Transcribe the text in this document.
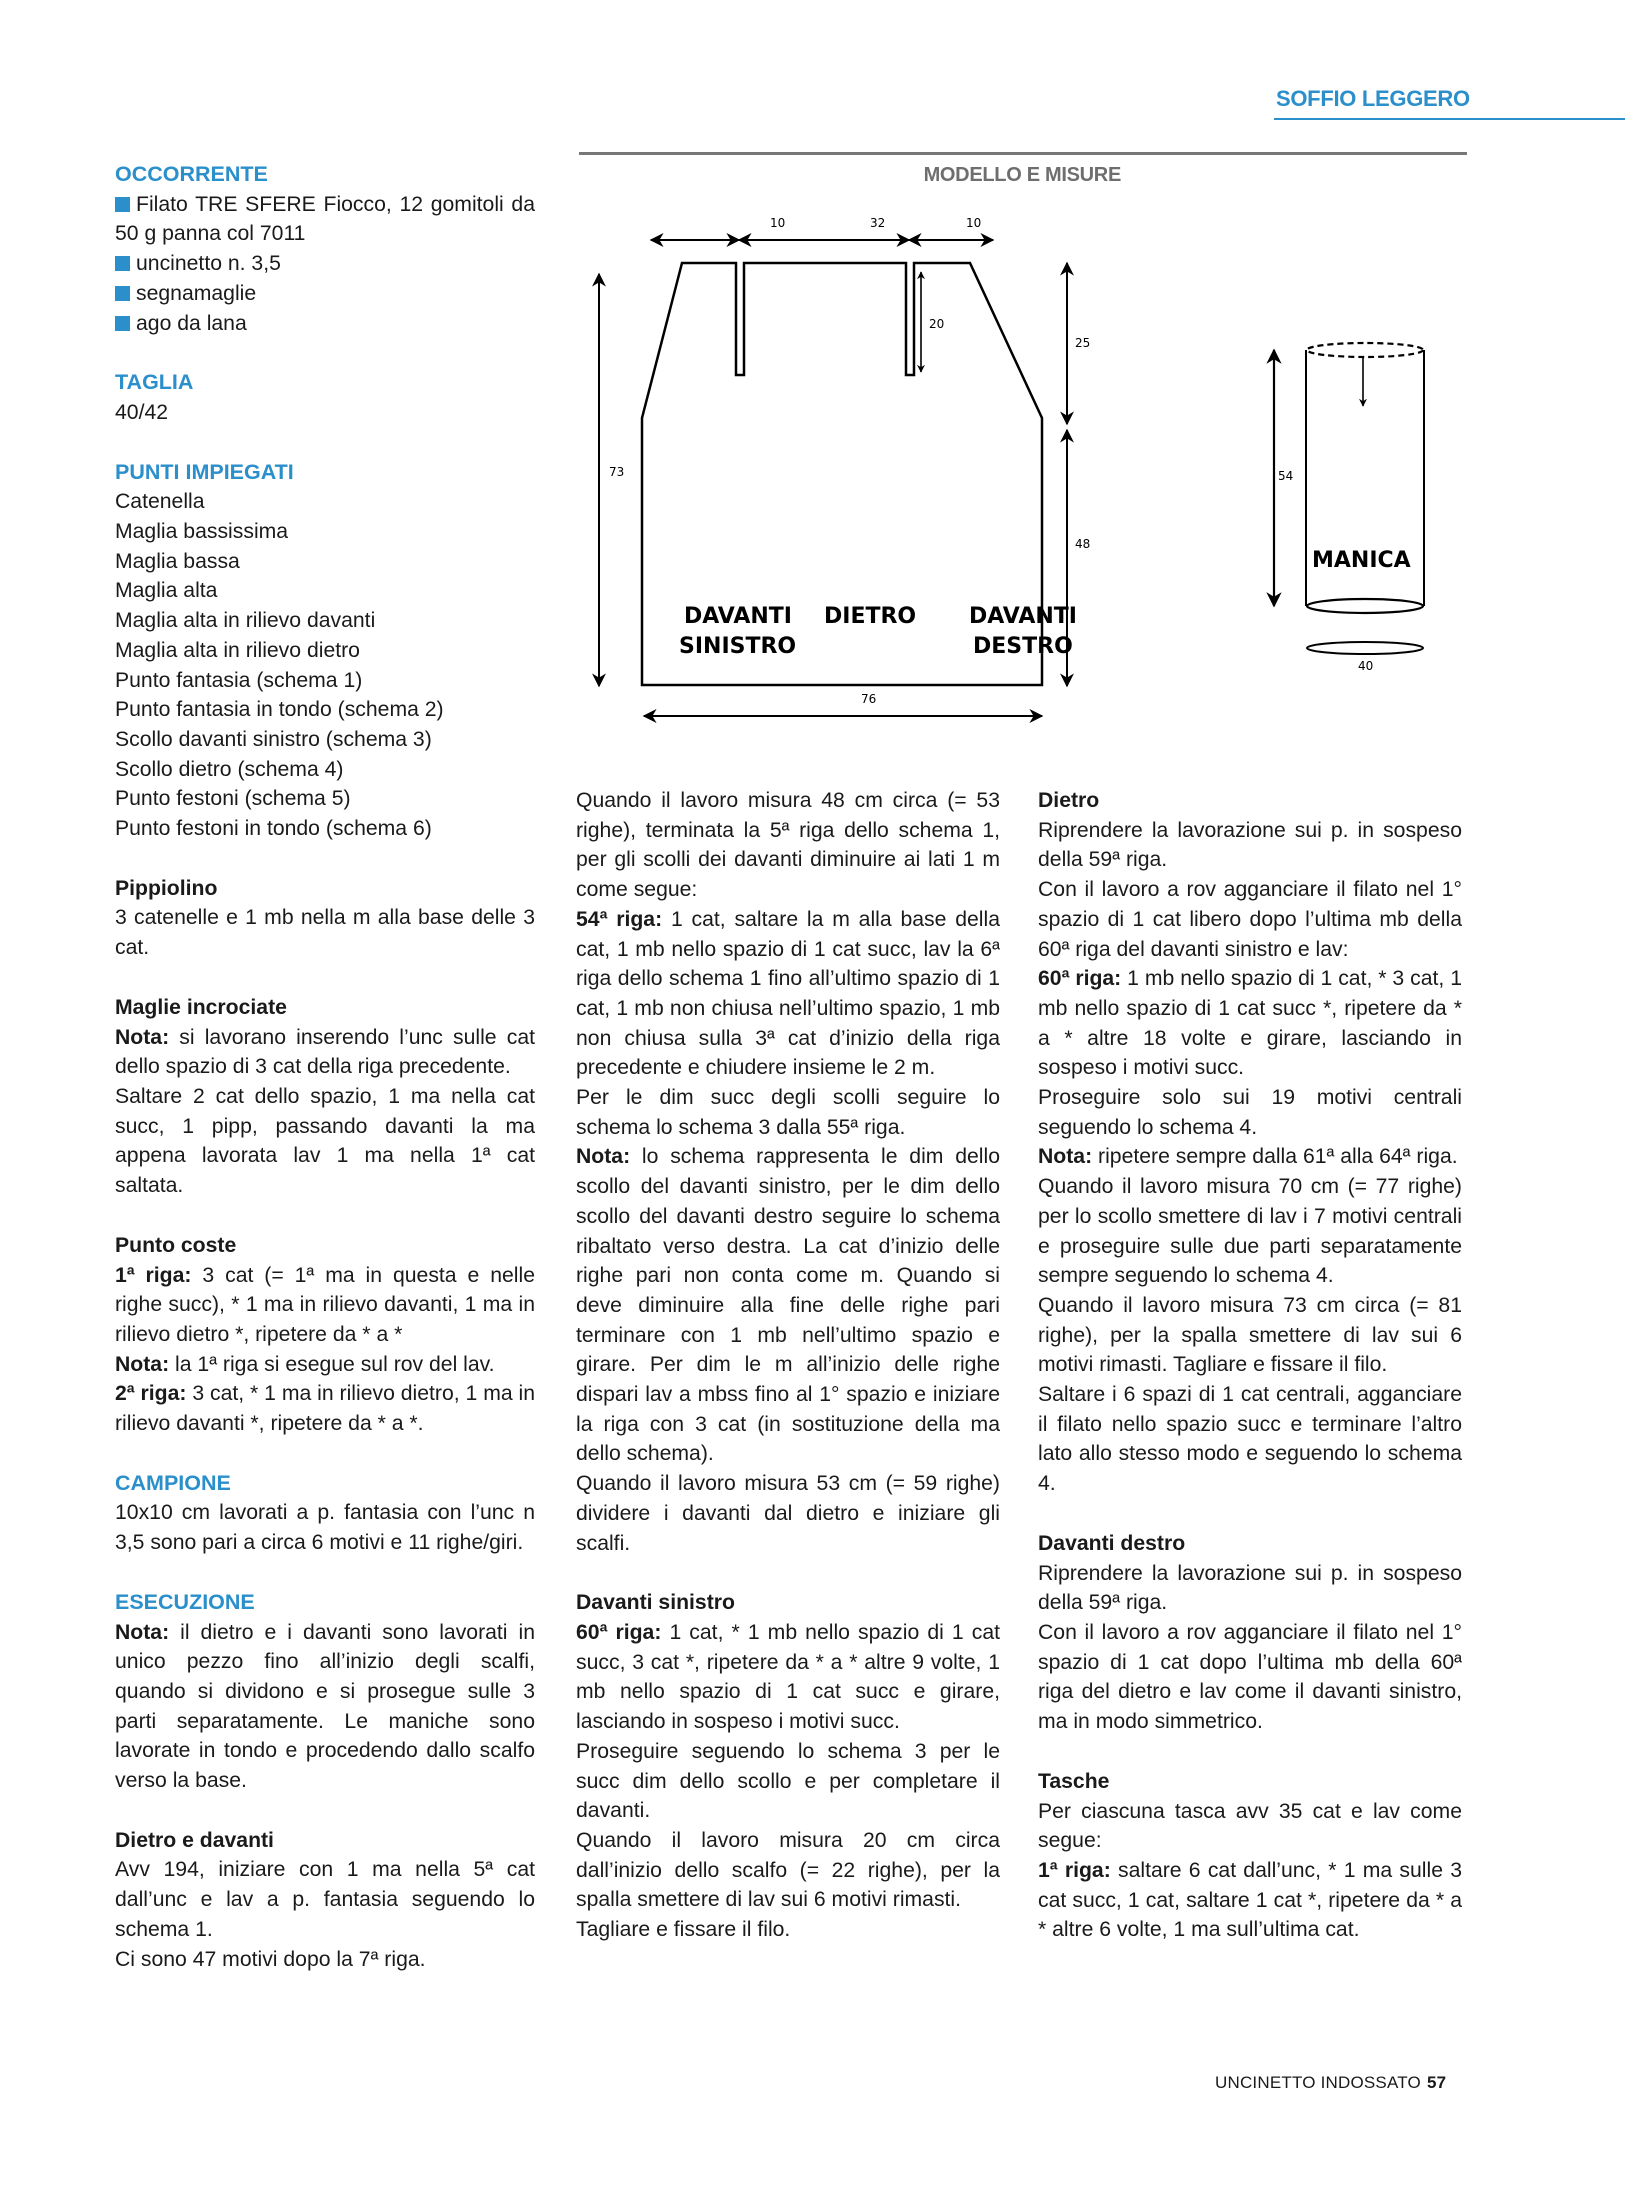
SOFFIO LEGGERO
MODELLO E MISURE
10	32	10
20
73
25
48
76
54
40
DAVANTI
SINISTRO
DIETRO DAVANTI
DESTRO
MANICA
OCCORRENTE

Filato TRE SFERE Fiocco, 12 gomitoli da 50 g panna col 7011

uncinetto n. 3,5

segnamaglie

ago da lana

TAGLIA

40/42

PUNTI IMPIEGATI

Catenella

Maglia bassissima

Maglia bassa

Maglia alta

Maglia alta in rilievo davanti

Maglia alta in rilievo dietro

Punto fantasia (schema 1)

Punto fantasia in tondo (schema 2)

Scollo davanti sinistro (schema 3)

Scollo dietro (schema 4)

Punto festoni (schema 5)

Punto festoni in tondo (schema 6)

Pippiolino

3 catenelle e 1 mb nella m alla base delle 3 cat.

Maglie incrociate

Nota: si lavorano inserendo l’unc sulle cat dello spazio di 3 cat della riga precedente.

Saltare 2 cat dello spazio, 1 ma nella cat succ, 1 pipp, passando davanti la ma appena lavorata lav 1 ma nella 1ª cat saltata.

Punto coste

1ª riga: 3 cat (= 1ª ma in questa e nelle righe succ), * 1 ma in rilievo davanti, 1 ma in rilievo dietro *, ripetere da * a *

Nota: la 1ª riga si esegue sul rov del lav.

2ª riga: 3 cat, * 1 ma in rilievo dietro, 1 ma in rilievo davanti *, ripetere da * a *.

CAMPIONE

10x10 cm lavorati a p. fantasia con l’unc n 3,5 sono pari a circa 6 motivi e 11 righe/giri.

ESECUZIONE

Nota: il dietro e i davanti sono lavorati in unico pezzo fino all’inizio degli scalfi, quando si dividono e si prosegue sulle 3 parti separatamente. Le maniche sono lavorate in tondo e procedendo dallo scalfo verso la base.

Dietro e davanti

Avv 194, iniziare con 1 ma nella 5ª cat dall’unc e lav a p. fantasia seguendo lo schema 1.

Ci sono 47 motivi dopo la 7ª riga.

Quando il lavoro misura 48 cm circa (= 53 righe), terminata la 5ª riga dello schema 1, per gli scolli dei davanti diminuire ai lati 1 m come segue:

54ª riga: 1 cat, saltare la m alla base della cat, 1 mb nello spazio di 1 cat succ, lav la 6ª riga dello schema 1 fino all’ultimo spazio di 1 cat, 1 mb non chiusa nell’ultimo spazio, 1 mb non chiusa sulla 3ª cat d’inizio della riga precedente e chiudere insieme le 2 m.

Per le dim succ degli scolli seguire lo schema lo schema 3 dalla 55ª riga.

Nota: lo schema rappresenta le dim dello scollo del davanti sinistro, per le dim dello scollo del davanti destro seguire lo schema ribaltato verso destra. La cat d’inizio delle righe pari non conta come m. Quando si deve diminuire alla fine delle righe pari terminare con 1 mb nell’ultimo spazio e girare. Per dim le m all’inizio delle righe dispari lav a mbss fino al 1° spazio e iniziare la riga con 3 cat (in sostituzione della ma dello schema).

Quando il lavoro misura 53 cm (= 59 righe) dividere i davanti dal dietro e iniziare gli scalfi.

Davanti sinistro

60ª riga: 1 cat, * 1 mb nello spazio di 1 cat succ, 3 cat *, ripetere da * a * altre 9 volte, 1 mb nello spazio di 1 cat succ e girare, lasciando in sospeso i motivi succ.

Proseguire seguendo lo schema 3 per le succ dim dello scollo e per completare il davanti.

Quando il lavoro misura 20 cm circa dall’inizio dello scalfo (= 22 righe), per la spalla smettere di lav sui 6 motivi rimasti.

Tagliare e fissare il filo.

Dietro

Riprendere la lavorazione sui p. in sospeso della 59ª riga.

Con il lavoro a rov agganciare il filato nel 1° spazio di 1 cat libero dopo l’ultima mb della 60ª riga del davanti sinistro e lav:

60ª riga: 1 mb nello spazio di 1 cat, * 3 cat, 1 mb nello spazio di 1 cat succ *, ripetere da * a * altre 18 volte e girare, lasciando in sospeso i motivi succ.

Proseguire solo sui 19 motivi centrali seguendo lo schema 4.

Nota: ripetere sempre dalla 61ª alla 64ª riga.

Quando il lavoro misura 70 cm (= 77 righe) per lo scollo smettere di lav i 7 motivi centrali e proseguire sulle due parti separatamente sempre seguendo lo schema 4.

Quando il lavoro misura 73 cm circa (= 81 righe), per la spalla smettere di lav sui 6 motivi rimasti. Tagliare e fissare il filo.

Saltare i 6 spazi di 1 cat centrali, agganciare il filato nello spazio succ e terminare l’altro lato allo stesso modo e seguendo lo schema 4.

Davanti destro

Riprendere la lavorazione sui p. in sospeso della 59ª riga.

Con il lavoro a rov agganciare il filato nel 1° spazio di 1 cat dopo l’ultima mb della 60ª riga del dietro e lav come il davanti sinistro, ma in modo simmetrico.

Tasche

Per ciascuna tasca avv 35 cat e lav come segue:

1ª riga: saltare 6 cat dall’unc, * 1 ma sulle 3 cat succ, 1 cat, saltare 1 cat *, ripetere da * a * altre 6 volte, 1 ma sull’ultima cat.

UNCINETTO INDOSSATO 57
